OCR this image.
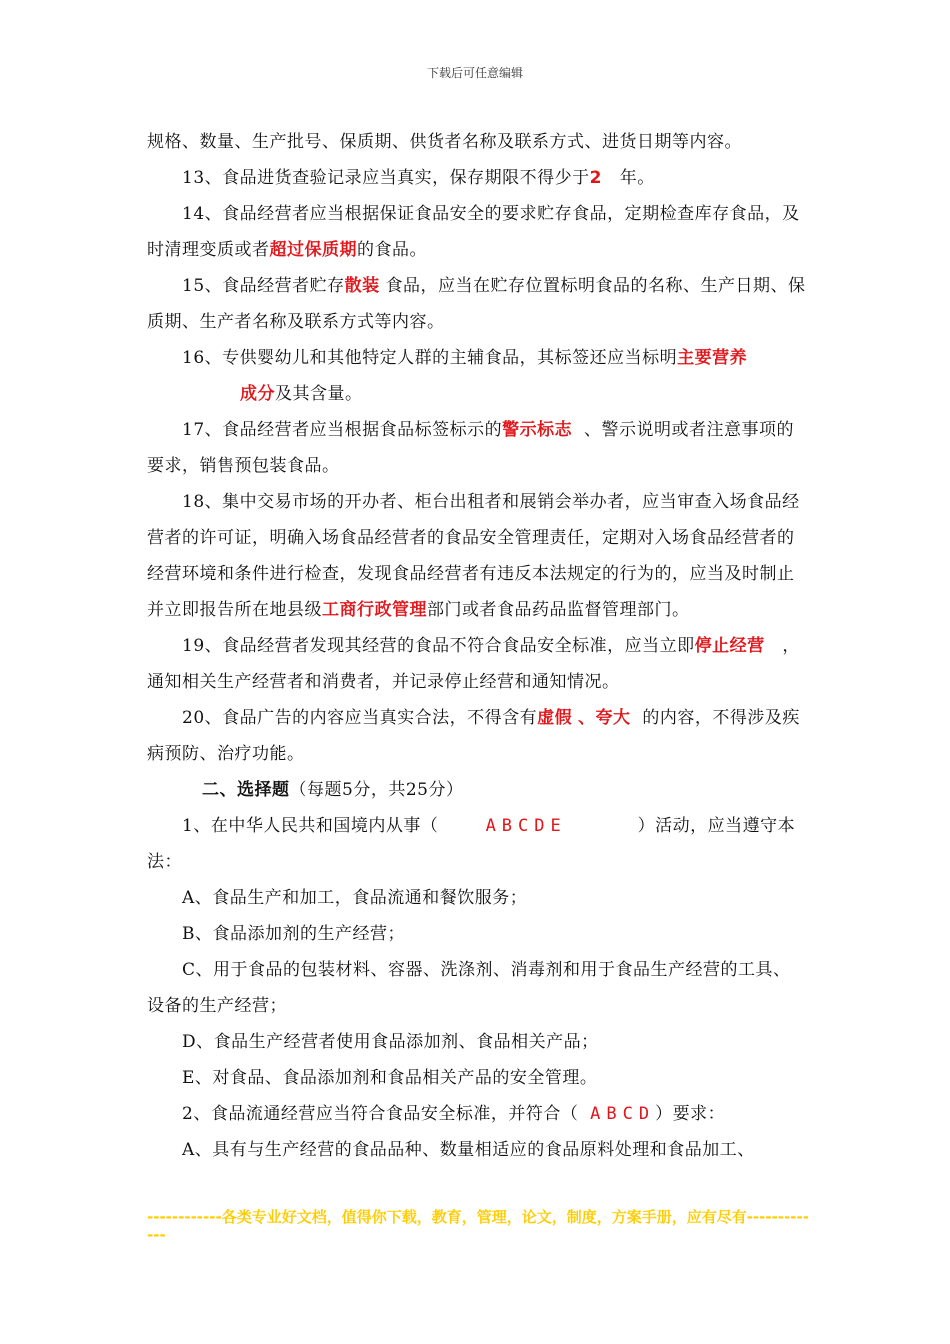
下载后可任意编辑

规格、数量、生产批号、保质期、供货者名称及联系方式、进货日期等内容。

13、食品进货查验记录应当真实，保存期限不得少于2 年。

14、食品经营者应当根据保证食品安全的要求贮存食品，定期检查库存食品，及时清理变质或者超过保质期的食品。

15、食品经营者贮存散装 食品，应当在贮存位置标明食品的名称、生产日期、保质期、生产者名称及联系方式等内容。

16、专供婴幼儿和其他特定人群的主辅食品，其标签还应当标明主要营养

成分及其含量。

17、食品经营者应当根据食品标签标示的警示标志 、警示说明或者注意事项的要求，销售预包装食品。

18、集中交易市场的开办者、柜台出租者和展销会举办者，应当审查入场食品经营者的许可证，明确入场食品经营者的食品安全管理责任，定期对入场食品经营者的经营环境和条件进行检查，发现食品经营者有违反本法规定的行为的，应当及时制止并立即报告所在地县级工商行政管理部门或者食品药品监督管理部门。

19、食品经营者发现其经营的食品不符合食品安全标准，应当立即停止经营 ，通知相关生产经营者和消费者，并记录停止经营和通知情况。

20、食品广告的内容应当真实合法，不得含有虚假 、夸大 的内容，不得涉及疾病预防、治疗功能。

二、选择题（每题5分，共25分）

1、在中华人民共和国境内从事（	ABCDE	）活动，应当遵守本法：

A、食品生产和加工，食品流通和餐饮服务；

B、食品添加剂的生产经营；

C、用于食品的包装材料、容器、洗涤剂、消毒剂和用于食品生产经营的工具、设备的生产经营；

D、食品生产经营者使用食品添加剂、食品相关产品；

E、对食品、食品添加剂和食品相关产品的安全管理。

2、食品流通经营应当符合食品安全标准，并符合（ ABCD）要求：

A、具有与生产经营的食品品种、数量相适应的食品原料处理和食品加工、

------------各类专业好文档，值得你下载，教育，管理，论文，制度，方案手册，应有尽有-------------
